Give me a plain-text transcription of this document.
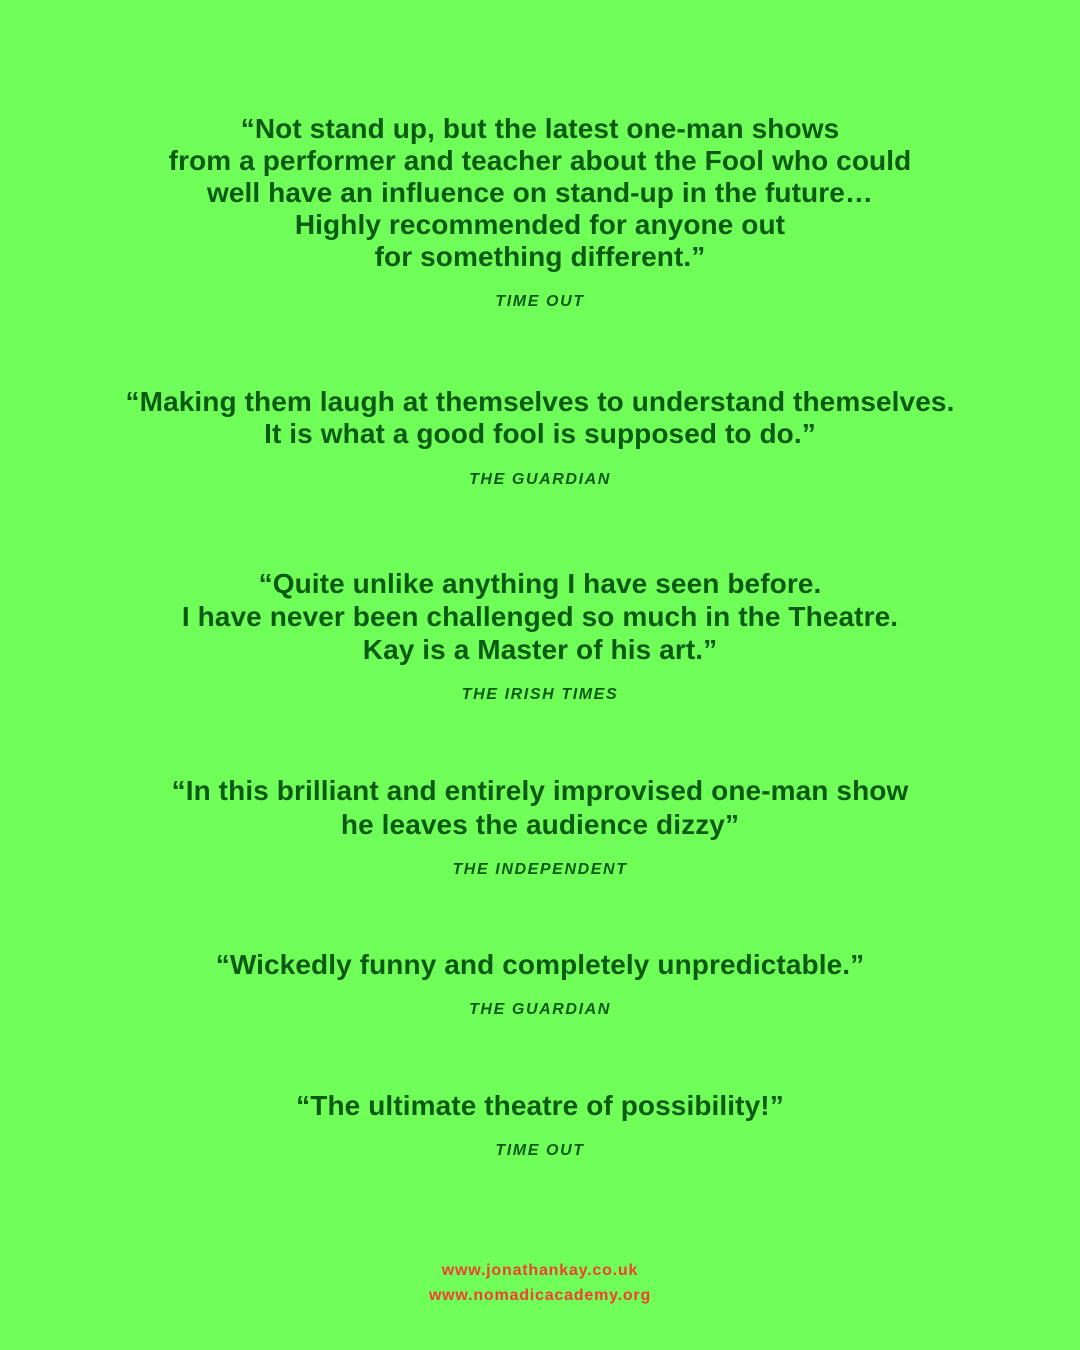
“Not stand up, but the latest one-man shows
from a performer and teacher about the Fool who could
well have an influence on stand-up in the future…
Highly recommended for anyone out
for something different.”

TIME OUT

“Making them laugh at themselves to understand themselves.
It is what a good fool is supposed to do.”

THE GUARDIAN

“Quite unlike anything I have seen before.
I have never been challenged so much in the Theatre.
Kay is a Master of his art.”

THE IRISH TIMES

“In this brilliant and entirely improvised one-man show
he leaves the audience dizzy”

THE INDEPENDENT

“Wickedly funny and completely unpredictable.”

THE GUARDIAN

“The ultimate theatre of possibility!”

TIME OUT

www.jonathankay.co.uk
www.nomadicacademy.org
